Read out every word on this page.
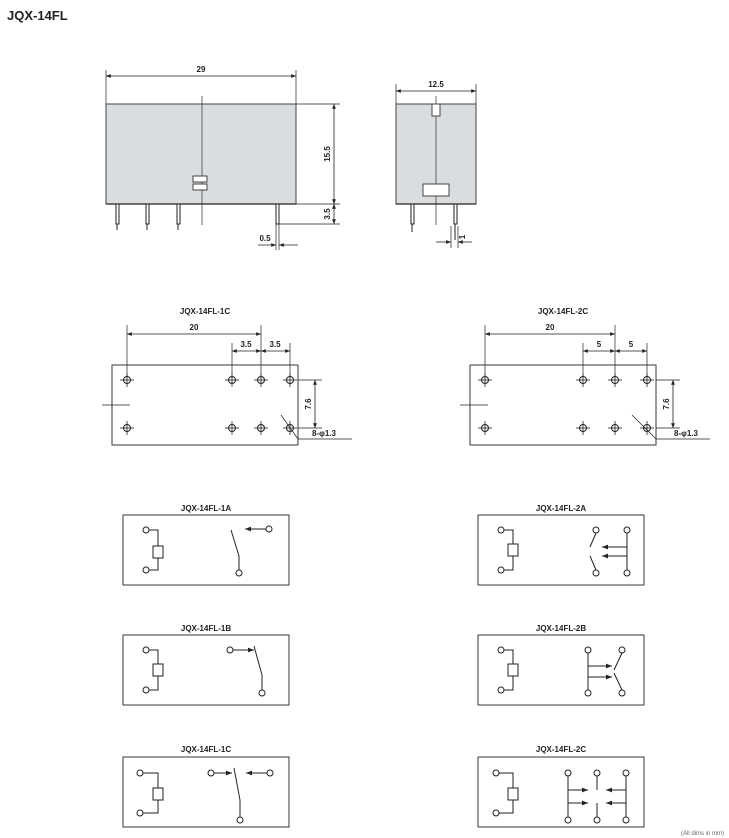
JQX-14FL
29
12.5
15.5
3.5
0.5	1
JQX-14FL-1C
20
3.5 3.5
7.6
8-φ1.3
JQX-14FL-2C
20
5	5
7.6
8-φ1.3
JQX-14FL-1A	JQX-14FL-2A
JQX-14FL-1B	JQX-14FL-2B
JQX-14FL-1C	JQX-14FL-2C
(All dims in mm)
